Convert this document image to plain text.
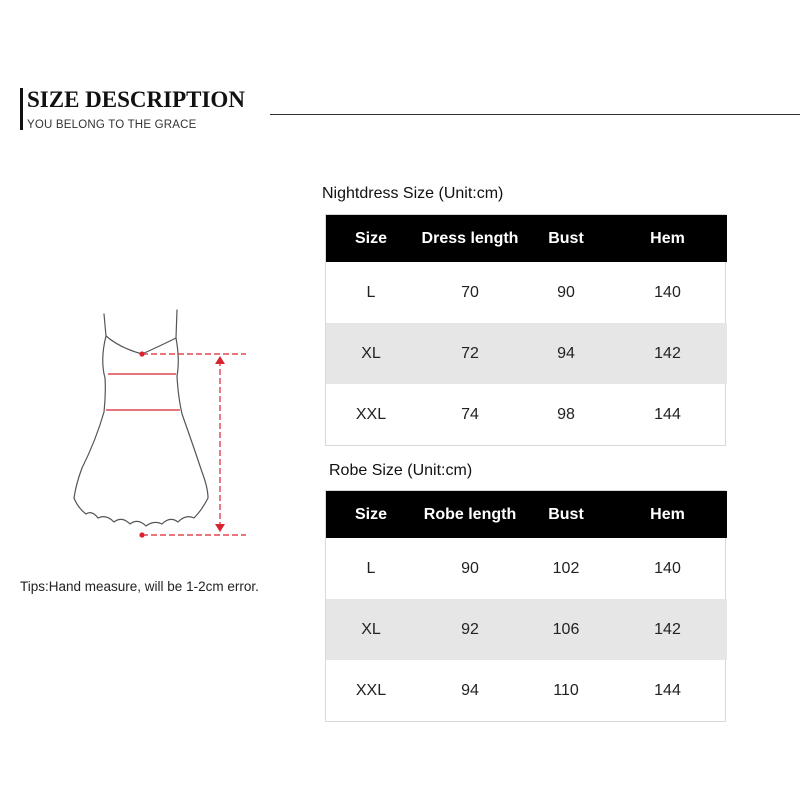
SIZE DESCRIPTION
YOU BELONG TO THE GRACE
Nightdress Size (Unit:cm)
Size	Dress length	Bust	Hem
L	70	90	140
XL	72	94	142
XXL	74	98	144
Robe Size (Unit:cm)
Size	Robe length	Bust	Hem
L	90	102	140
XL	92	106	142
XXL	94	110	144
Tips:Hand measure, will be 1-2cm error.
